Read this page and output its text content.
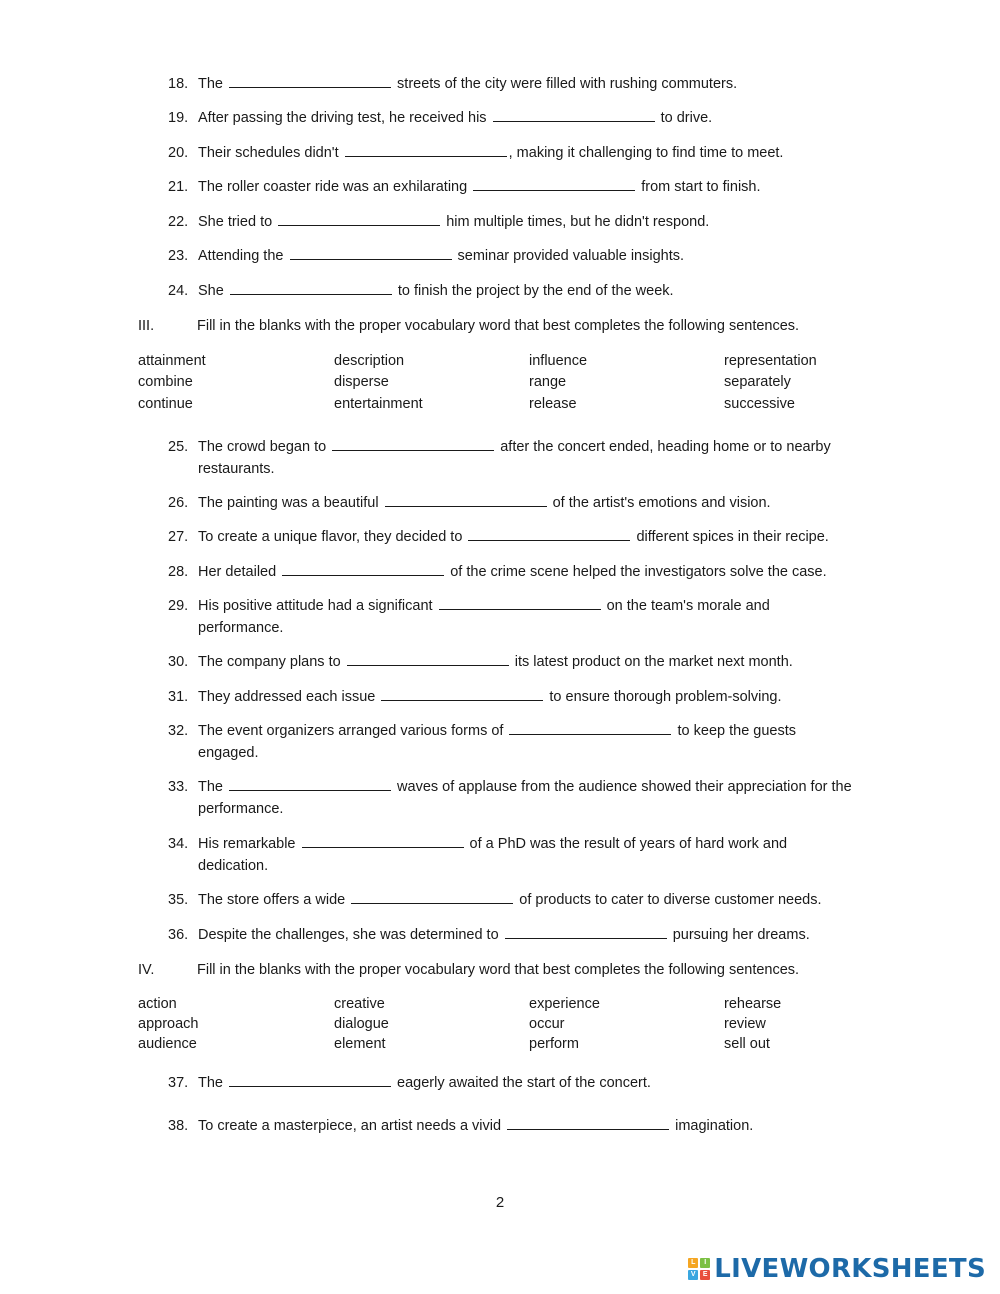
18. The	streets of the city were filled with rushing commuters.
19. After passing the driving test, he received his	to drive.
20. Their schedules didn't	, making it challenging to find time to meet.
21. The roller coaster ride was an exhilarating	from start to finish.
22. She tried to	him multiple times, but he didn't respond.
23. Attending the	seminar provided valuable insights.
24. She	to finish the project by the end of the week.
III.	Fill in the blanks with the proper vocabulary word that best completes the following sentences.
attainment	description	influence	representation
combine	disperse	range	separately
continue	entertainment	release	successive
25. The crowd began to	after the concert ended, heading home or to nearby restaurants.
26. The painting was a beautiful	of the artist's emotions and vision.
27. To create a unique flavor, they decided to	different spices in their recipe.
28. Her detailed	of the crime scene helped the investigators solve the case.
29. His positive attitude had a significant	on the team's morale and performance.
30. The company plans to	its latest product on the market next month.
31. They addressed each issue	to ensure thorough problem-solving.
32. The event organizers arranged various forms of	to keep the guests engaged.
33. The	waves of applause from the audience showed their appreciation for the performance.
34. His remarkable	of a PhD was the result of years of hard work and dedication.
35. The store offers a wide	of products to cater to diverse customer needs.
36. Despite the challenges, she was determined to	pursuing her dreams.
IV.	Fill in the blanks with the proper vocabulary word that best completes the following sentences.
action	creative	experience	rehearse
approach	dialogue	occur	review
audience	element	perform	sell out
37. The	eagerly awaited the start of the concert.
38. To create a masterpiece, an artist needs a vivid	imagination.
2
L	I
V	E LIVEWORKSHEETS
